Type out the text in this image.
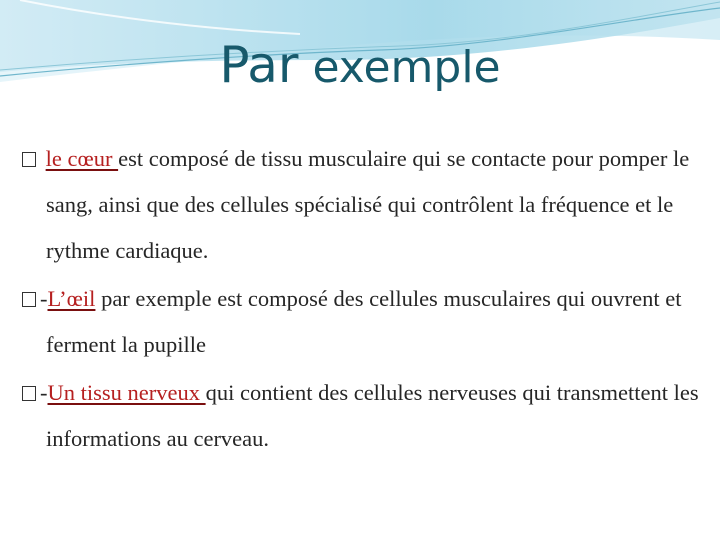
Par exemple

le cœur est composé de tissu musculaire qui se contacte pour pomper le sang, ainsi que des cellules spécialisé qui contrôlent la fréquence et le rythme cardiaque.

-L’œil par exemple est composé des cellules musculaires qui ouvrent et ferment la pupille

-Un tissu nerveux qui contient des cellules nerveuses qui transmettent les informations au cerveau.
